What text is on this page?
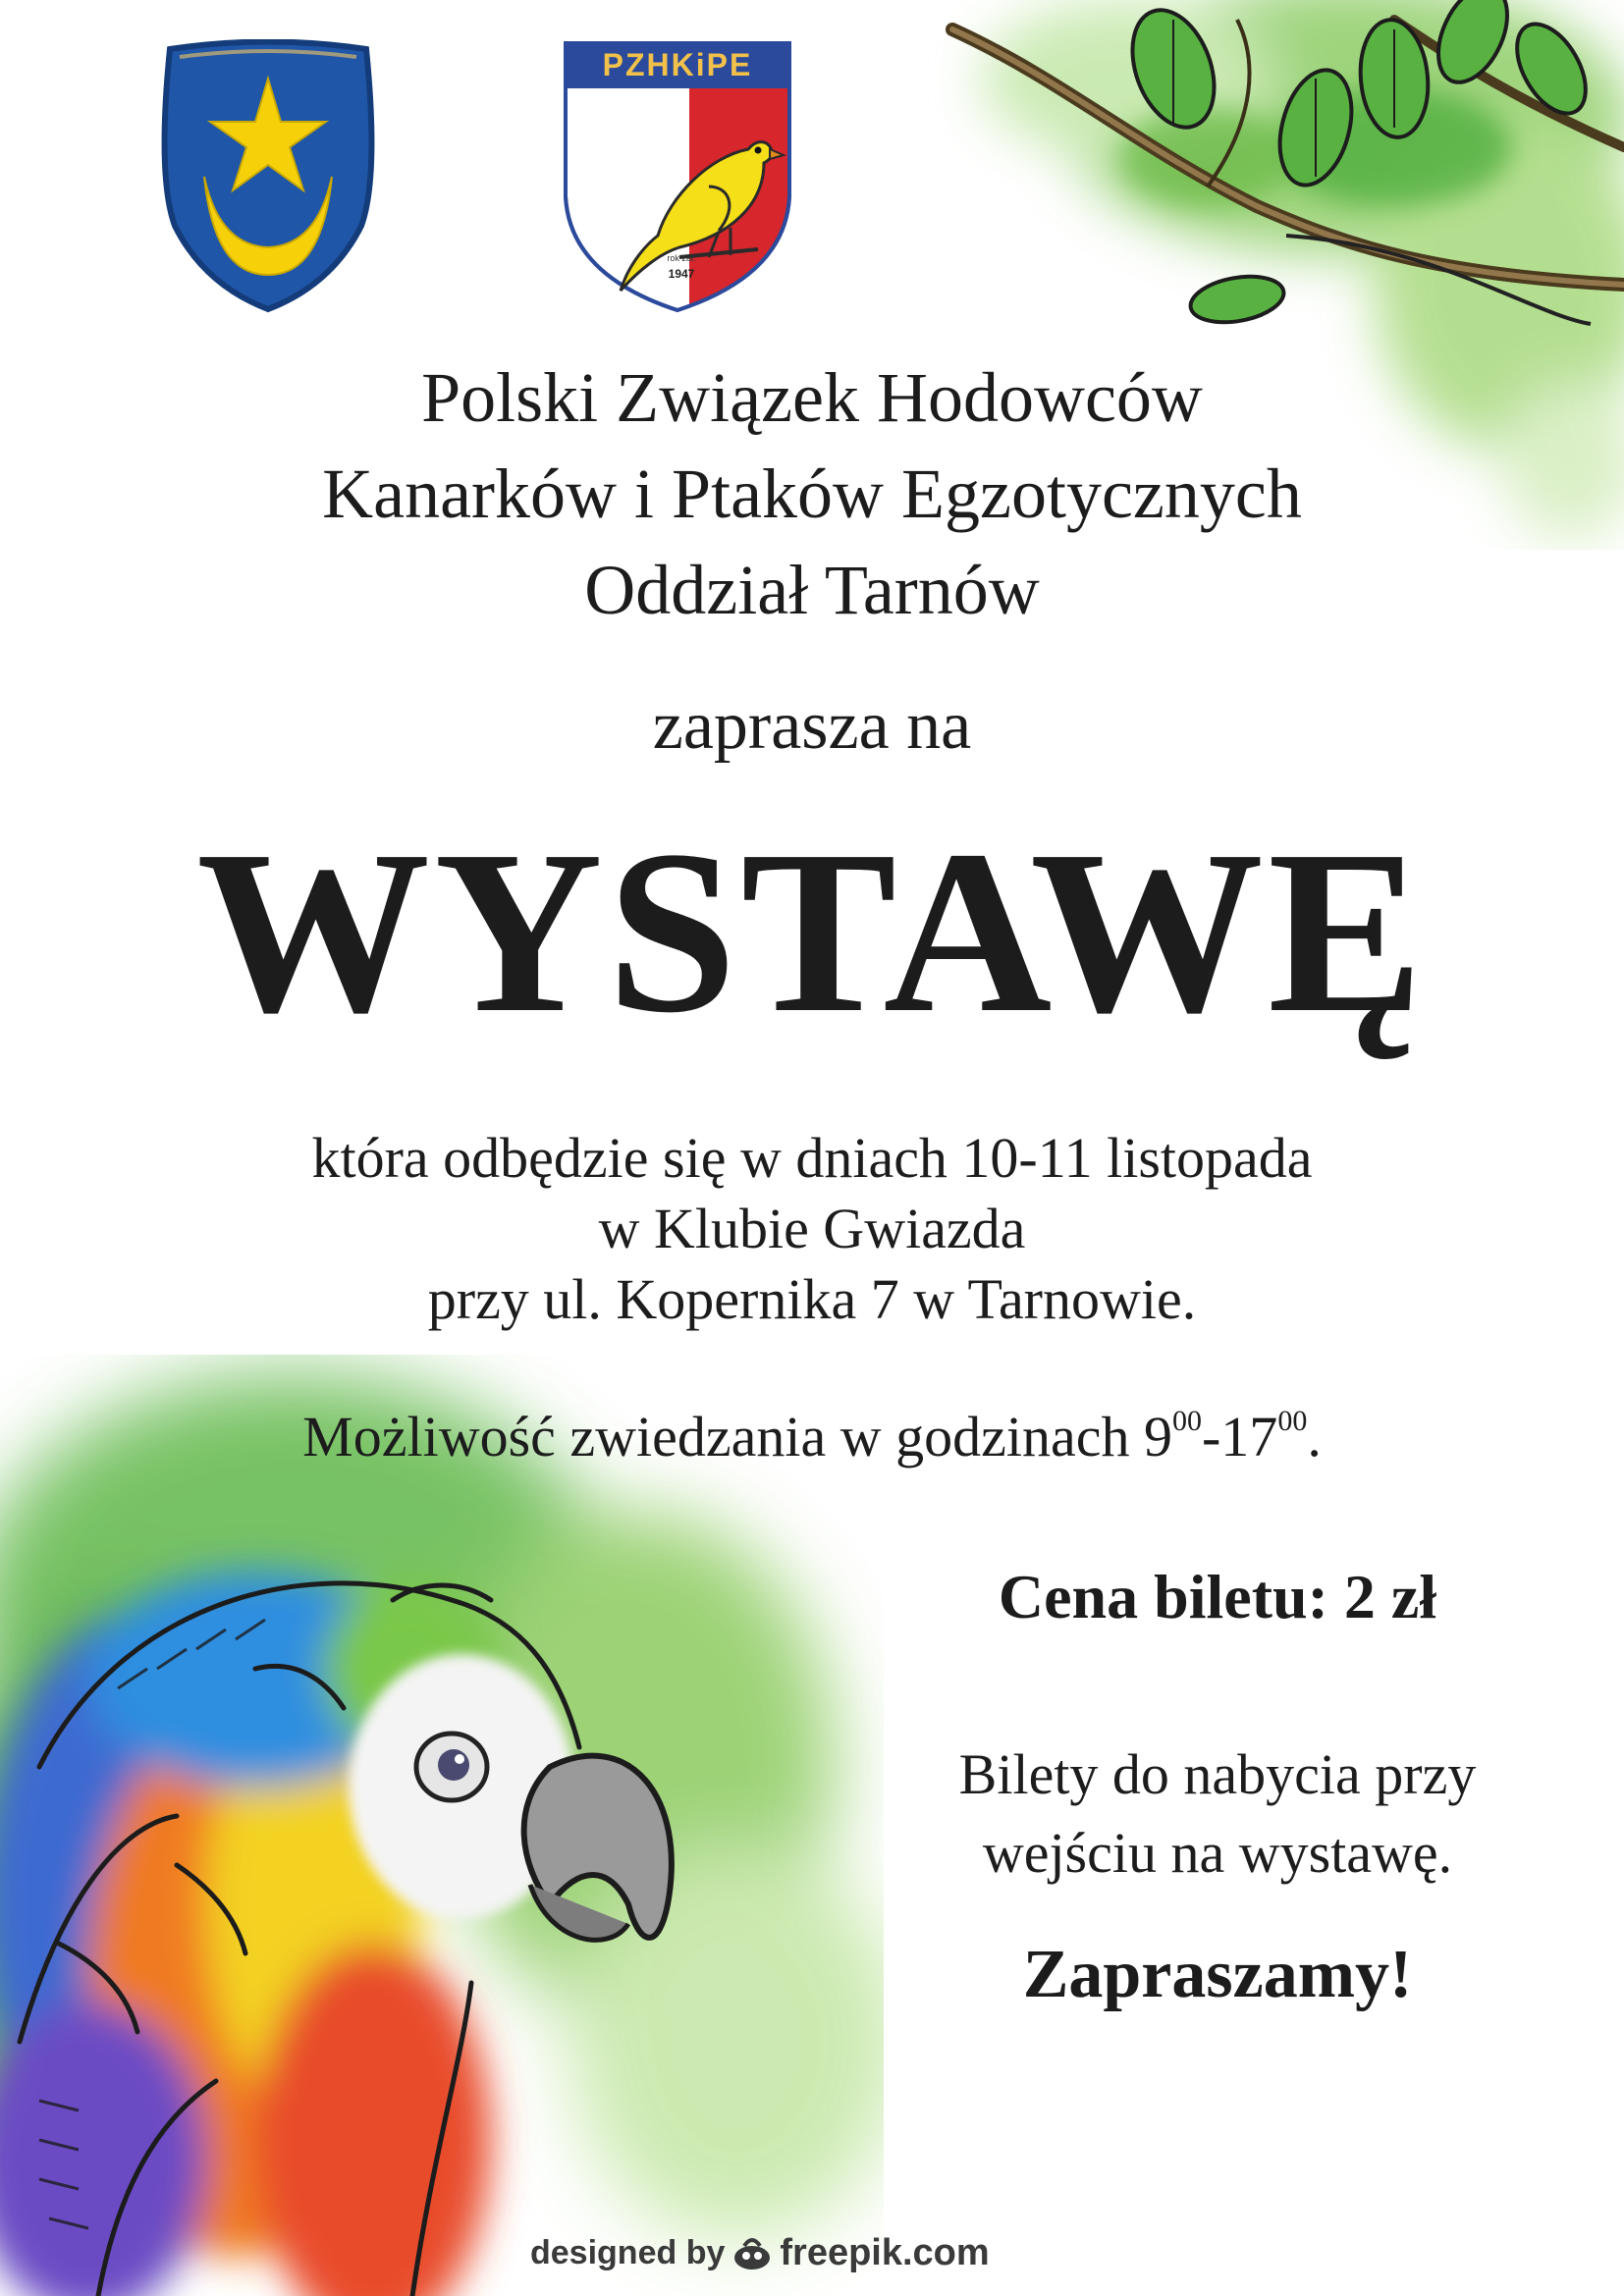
PZHKiPE
rok zał.
1947

Polski Związek Hodowców

Kanarków i Ptaków Egzotycznych

Oddział Tarnów

zaprasza na
WYSTAWĘ

która odbędzie się w dniach 10-11 listopada

w Klubie Gwiazda

przy ul. Kopernika 7 w Tarnowie.

Możliwość zwiedzania w godzinach $9^{00}-17^{00}$.
Cena biletu: 2 zł

Bilety do nabycia przy

wejściu na wystawę.

Zapraszamy!
designed by freepik.com
